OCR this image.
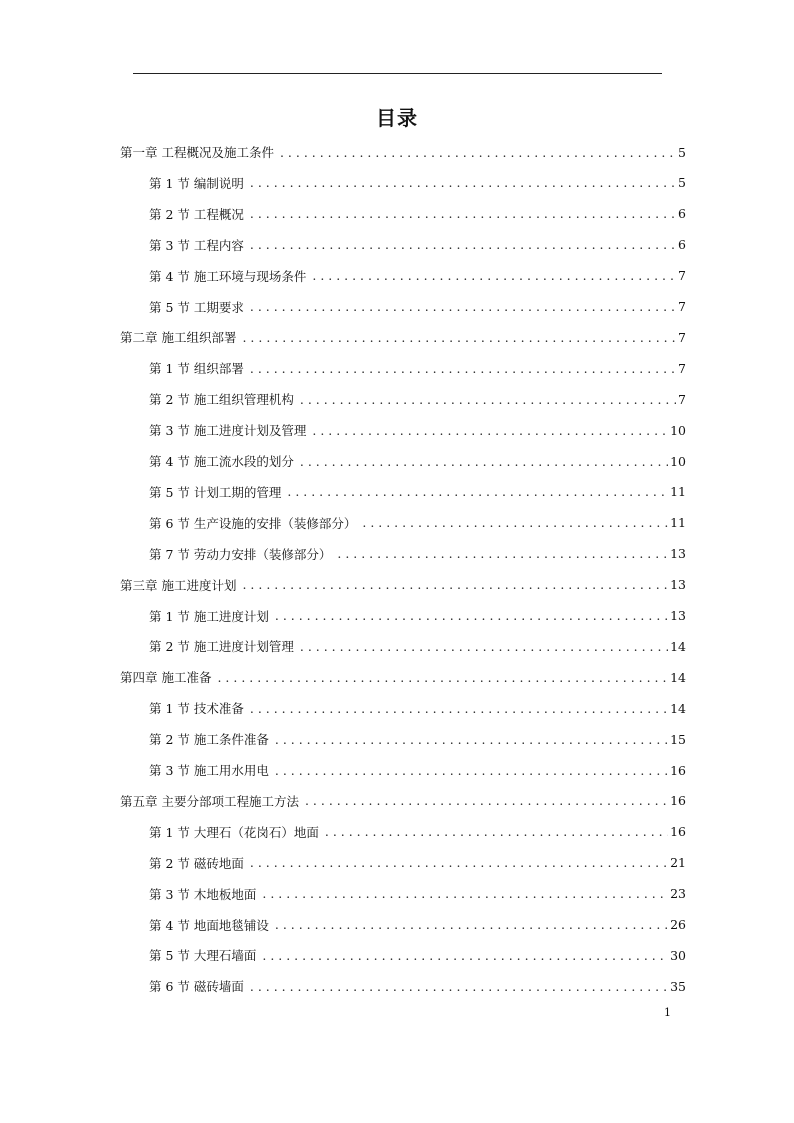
目录
第一章 工程概况及施工条件 . . .	5
第 1 节 编制说明 . . .	5
第 2 节 工程概况 . . .	6
第 3 节 工程内容 . . .	6
第 4 节 施工环境与现场条件 . . .	7
第 5 节 工期要求 . . .	7
第二章 施工组织部署 . . .	7
第 1 节 组织部署 . . .	7
第 2 节 施工组织管理机构 . . .	7
第 3 节 施工进度计划及管理 . . .	10
第 4 节 施工流水段的划分 . . .	10
第 5 节 计划工期的管理 . . .	11
第 6 节 生产设施的安排（装修部分） . . .	11
第 7 节 劳动力安排（装修部分） . . .	13
第三章 施工进度计划 . . .	13
第 1 节 施工进度计划 . . .	13
第 2 节 施工进度计划管理 . . .	14
第四章 施工准备 . . .	14
第 1 节 技术准备 . . .	14
第 2 节 施工条件准备 . . .	15
第 3 节 施工用水用电 . . .	16
第五章 主要分部项工程施工方法 . . .	16
第 1 节 大理石（花岗石）地面 . . .	16
第 2 节 磁砖地面 . . .	21
第 3 节 木地板地面 . . .	23
第 4 节 地面地毯铺设 . . .	26
第 5 节 大理石墙面 . . .	30
第 6 节 磁砖墙面 . . .	35
1
